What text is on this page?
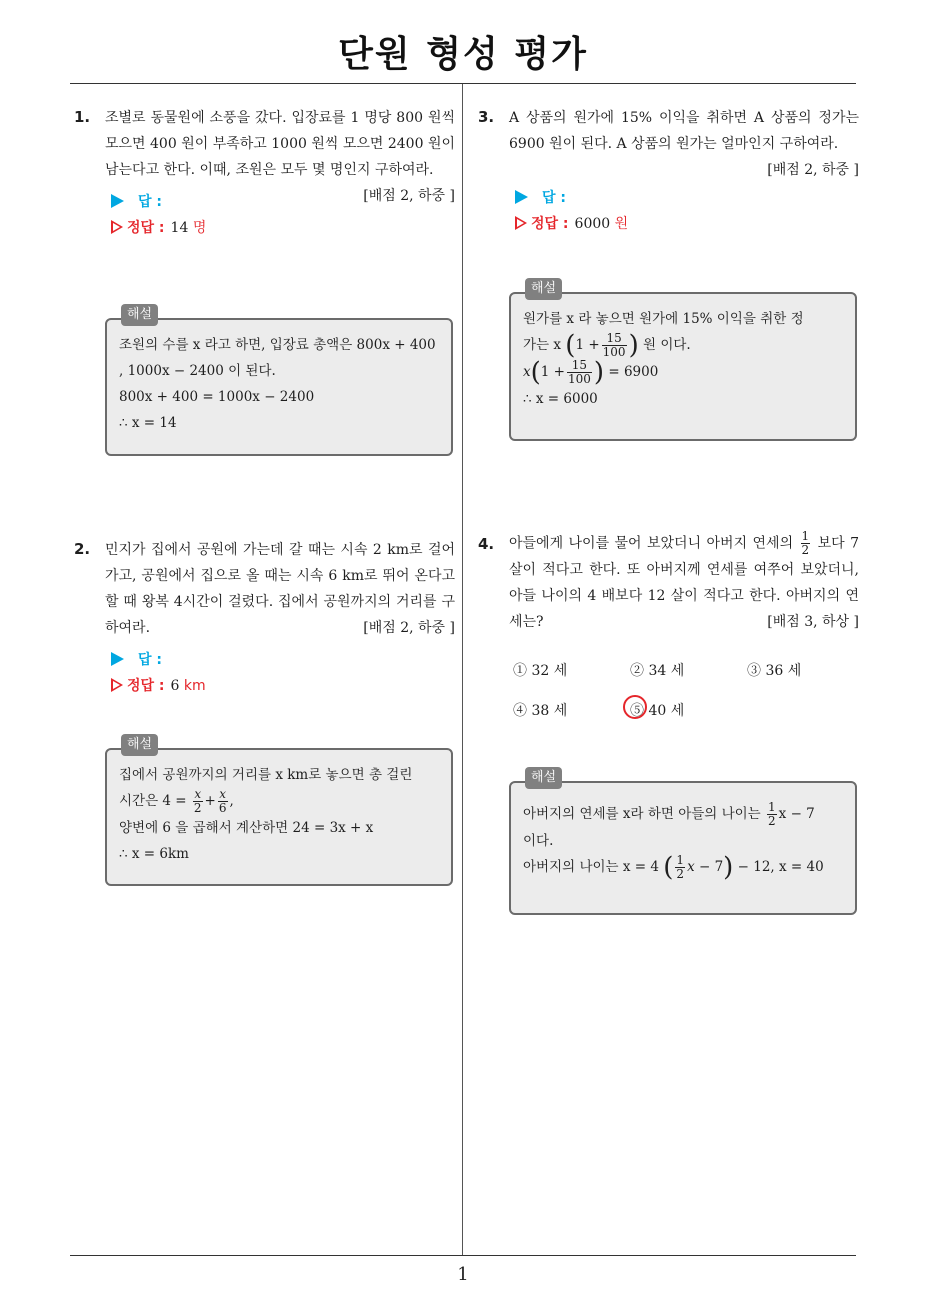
단원 형성 평가
1. 조별로 동물원에 소풍을 갔다. 입장료를 1 명당 800 원씩 모으면 400 원이 부족하고 1000 원씩 모으면 2400 원이 남는다고 한다. 이때, 조원은 모두 몇 명인지 구하여라.
[배점 2, 하중 ]
답 :
정답 : 14 명
해설
조원의 수를 x 라고 하면, 입장료 총액은 800x + 400 , 1000x − 2400 이 된다.
800x + 400 = 1000x − 2400
∴ x = 14
2. 민지가 집에서 공원에 가는데 갈 때는 시속 2 km로 걸어가고, 공원에서 집으로 올 때는 시속 6 km로 뛰어 온다고 할 때 왕복 4시간이 걸렸다. 집에서 공원까지의 거리를 구하여라.	[배점 2, 하중 ]
답 :
정답 : 6 km
해설
집에서 공원까지의 거리를 x km로 놓으면 총 걸린
시간은 $4 = \frac{x}{2} + \frac{x}{6}$ ,
양변에 6 을 곱해서 계산하면 24 = 3x + x
∴ x = 6km
3. A 상품의 원가에 15% 이익을 취하면 A 상품의 정가는 6900 원이 된다. A 상품의 원가는 얼마인지 구하여라.
[배점 2, 하중 ]
답 :
정답 : 6000 원
해설
원가를 x 라 놓으면 원가에 15% 이익을 취한 정
가는 x ($1 + \frac{15}{100}$ ) 원 이다.
$x(1 + \frac{15}{100}$ ) = 6900
∴ x = 6000
4. 아들에게 나이를 물어 보았더니 아버지 연세의 $\frac{1}{2}$ 보다 7 살이 적다고 한다. 또 아버지께 연세를 여쭈어 보았더니, 아들 나이의 4 배보다 12 살이 적다고 한다. 아버지의 연세는?	[배점 3, 하상 ]
① 32 세	② 34 세	③ 36 세
④ 38 세	⑤ 40 세
해설
아버지의 연세를 x라 하면 아들의 나이는 $\frac{1}{2}$ x − 7
이다.
아버지의 나이는 x = 4 ( $\frac{1}{2}$ x − 7) − 12, x = 40
1
